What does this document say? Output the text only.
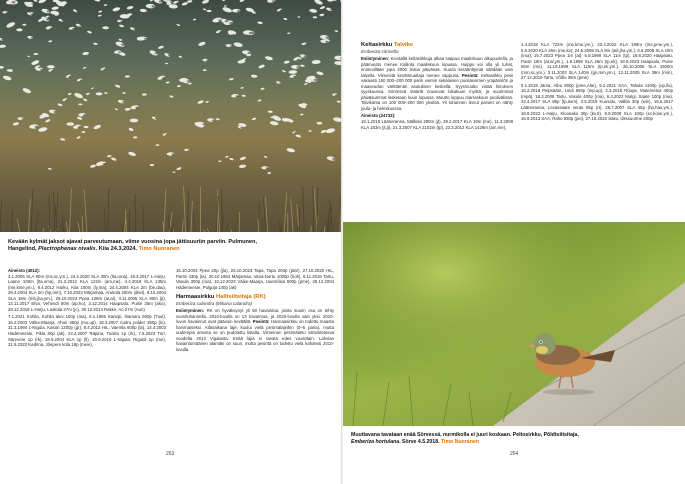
Kevään kylmät jaksot ajavat parveutumaan, viime vuosina jopa jättisuuriin parviin. Pulmunen,
Hangelind, Plectrophenax nivalis. Kiia 24.3.2024. Timo Nuoranen

Aineisto (4012):
3.1.2006 SLA 90m (ms,sc,ym.), 24.2.2020 SLA 30m (lta,oma), 18.3.2017 L-Harju, Laane 100m (lta,oma), 21.3.2012 KLA 122m (am,me), 4.4.2018 KLA 135m (me,kme,ym.), 9.4.2012 Harku, Kiia 100m (ly,ma), 24.4.2004 KLA 2m (be,dau), 29.4.2004 SLA 2m (hp,mm), 7.10.2023 Märjamaa, Aruküla 250m (ditel), 9.10.2004 SLA 18m (mb,jha,ym.), 29.10.2023 Ppea 128m (at,al), 3.11.2005 KLA 90m (jt), 13.11.2017 Elva, Vehendi 80m (ap,ho), 2.12.2014 Haapsalu, Puise 35m (ako), 28.12.2015 L-Harju, Laoküla 27m (jc), 30.12.2014 Rakke, Ao 27m (Aun)

7.1.2021 Kohila, Kohila alev 100p (ma), 8.1.1965 Kanepi, Ihamaru 500p (Tuul), 16.2.2003 Väike-Maarja, Ahuri 350p (mo,up), 18.3.2007 Audru polder 350p (lu), 31.3.1994 L-Nigula, Kasari 1200p (gr), 8.4.2012 HIL, Vaemla 600p (la), 14.4.2003 Hädemeeste, Pikla 80p (ak), 24.4.2007 Räpina, Toolse 1p (rk), 7.5.2023 Türi, Särevere 1p (rk), 19.9.2004 KLA 1p (ll), 20.9.2019 L-Nigula, Riguldi 1p (me), 21.9.2022 Kadrina, Jõepere küla 18p (meie),

15.10.2003 Ppea 20p (jla), 25.10.2023 Tapa, Tapa 200p (ptar), 27.10.2020 HIL, Partsi 430p (la), 30.10.1963 Märjamaa, Vana-Nurtu 1000p (holt), 6.11.2016 Tartu, Vasula 300p (roa), 10.12.2023 Väike-Maarja, Uuemõisa 500p (pme), 29.12.2004 Hädemeeste, Pulgoja 140p (ak)

Harmaasirkku Halltsiltsitaja (RK)
Emberiza calandra (Miliaria calandra)

Esiintyminen: RK on hyväksynyt yli 50 havaintoa, joista suurin osa on tehty vuosituhannella. 2010-luvulla on 13 havaintoa, ja 2020-luvulla vain yksi. 2010-luvun havainnot ovat pääosin keväältä. Pesintä: Harmaasirkku on todettu maasta harvinaiseksi. Atlasaikana lajin kuului vielä pesimälajeihin (0–5 paria), mutta uudempia arvioita se on pudotettu listalta. Viimeinen pesimätieto vahvistetussa vuodelta 2013 Vigalasta. Enää lajia ei tavata edes vuosittain. Lahvian havaintomäärien alamäki on suuri, mutta pesintä on todettu vielä kahdesti 2010-luvulla.

263
Keltasirkku Talvike
Emberiza citrinella

Esiintyminen: Keväällä keltasirkkuja alkaa saapua maaliskuun alkupuolella, ja päämuutto menee Kalliota maaliskuun lopussa. Huippu voi olla yli tuhat, enimmillään jopa 2000 lintua päivässä. Suuria keräänttymiä nähdään vain talvella. Viimeistä kevätmuuttaja menee vappuna. Pesintä: Keltasirkku pesii vakaasti 150 000–200 000 parin voimin sekalaisen puoliavoimen ympäristön ja maaseudun värittämän asutuksen keskellä. Syysmuutto viirää hiiruksen syyskuussa. Sörvessä määrät nousevat lokakuun myötä, ja suurimmat päiväsummat lasketaan kuun lopussa. Muutto loppuu marraskuun puolivälissä. Talvikanta on 100 000–200 000 yksilöä. Yli tuhannen linnut parviet on nähty joulu- ja helmikuussa.

Aineisto (24732):
19.1.2018 Lääneranna, Mälküla 280m (jt), 28.2.2017 KLA 19m (me), 11.3.2008 KLA 153m (jt,jt), 21.3.2007 KLA 2102m (tp), 23.3.2012 KLA 1429m (am,me),

1.4.2018 KLA 722m (me,kme,ym.), 23.4.2022 KLA 198m (me,pme,ym.), 5.5.2020 KLA 26m (me,kv); 24.5.2009 SLA 8m (atil,jha,ym.), 6.6.2008 SLA 10m (ima), 15.7.2023 Ppea 1m (at), 6.8.1999 SLA 11m (tp), 18.8.2020 Haapsalu, Puise 18m (at,al,ym.), 1.9.1999 SLA 26m (tp,ek), 18.9.2023 Haapsalu, Puise 65m (me), 11.10.1999 SLA 115m (tp,ek,ym.), 26.10.2006 SLA 1500m (mm,sc,ym.), 3.11.2003 SLA 140m (gn,mm,ym.), 12.11.2005 SLA 39m (mm), 27.12.2019 Tartu, Võõlu 35m (pme)

5.1.2019 Järva, Albu 800p (pme,Alar), 5.2.2021 SAA, Tahula 1100p (up,llu), 16.2.2018 Pelpsääre, Undi 550p (mp,up), 2.3.2018 Rõuge, Mutemetsa 400p (mpä), 18.3.2008 Tartu, Vasula 400p (roa), 6.4.2022 Mulgi, Saate 100p (ma), 22.4.2017 SLA 95p (tp,asm), 3.5.2019 Kuusalu, Valkla 30p (win), 16.6.2017 Lääneranna, Levassaare seutu 65p (rt), 26.7.2007 SLA 45p (hp,hau,ym.), 18.8.2022 L-Harju, Kloosaku 30p (kv,0), 8.9.2008 SLA 100p (sc,kose,ym.), 16.9.2013 SAA, Raho 830p (pio), 27.10.2022 Saku, Ükssuurme 200p

Muuttavana tavataan enää Sörvessä, nurmikolla ei juuri koskaan. Peltosirkku, Põldtsiitsitaja,
Emberiza hortulana. Sörve 4.5.2018. Timo Nuoranen
264
